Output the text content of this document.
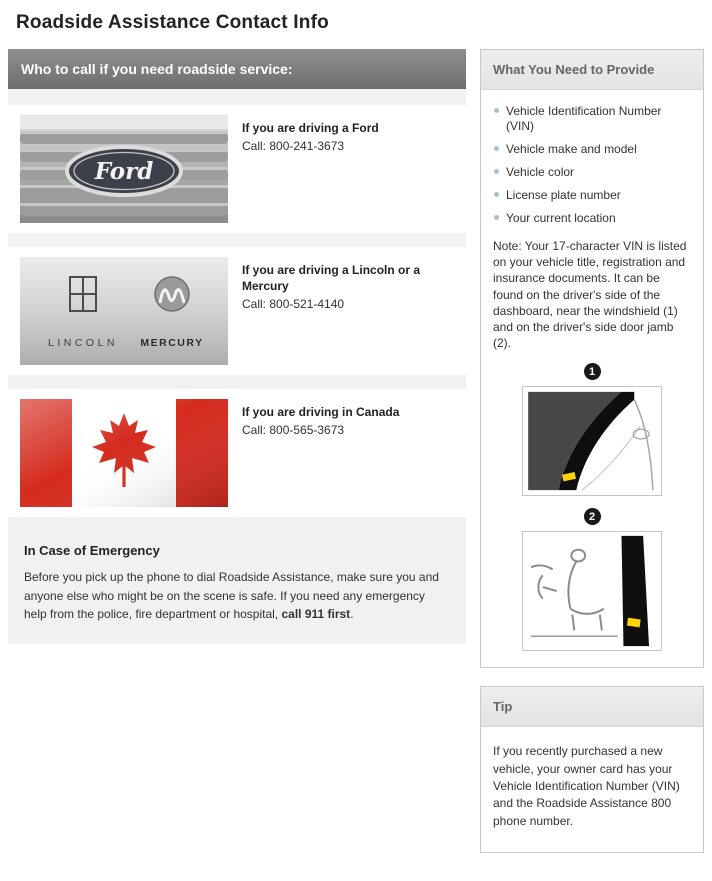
Roadside Assistance Contact Info
Who to call if you need roadside service:
Ford
If you are driving a Ford
Call: 800-241-3673
LINCOLN MERCURY
If you are driving a Lincoln or a Mercury
Call: 800-521-4140
If you are driving in Canada
Call: 800-565-3673
In Case of Emergency

Before you pick up the phone to dial Roadside Assistance, make sure you and anyone else who might be on the scene is safe. If you need any emergency help from the police, fire department or hospital, call 911 first.

What You Need to Provide
Vehicle Identification Number (VIN)
Vehicle make and model
Vehicle color
License plate number
Your current location

Note: Your 17-character VIN is listed on your vehicle title, registration and insurance documents. It can be found on the driver's side of the dashboard, near the windshield (1) and on the driver's side door jamb (2).

1
2
Tip

If you recently purchased a new vehicle, your owner card has your Vehicle Identification Number (VIN) and the Roadside Assistance 800 phone number.
